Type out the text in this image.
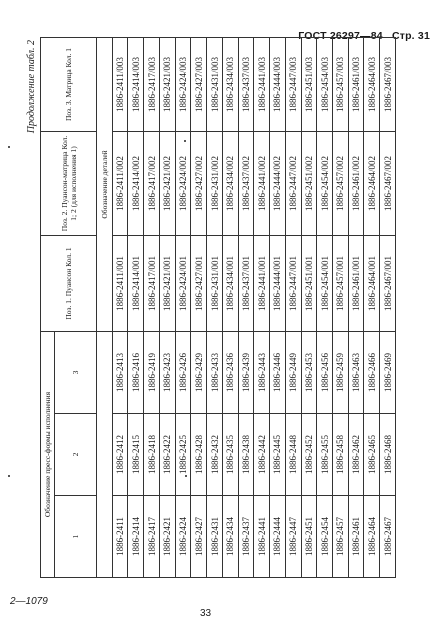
ГОСТ 26297—84 Стр. 31
Продолжение табл. 2
Обозначение пресс-формы исполнения			Поз. 1. Пуансон Кол. 1	Поз. 2. Пуансон-матрица Кол. 1; 2 (для исполнения 1)	Поз. 3. Матрица Кол. 1
1	2	3			
			Обозначение деталей		
1886-2411	1886-2412	1886-2413	1886-2411/001	1886-2411/002	1886-2411/003
1886-2414	1886-2415	1886-2416	1886-2414/001	1886-2414/002	1886-2414/003
1886-2417	1886-2418	1886-2419	1886-2417/001	1886-2417/002	1886-2417/003
1886-2421	1886-2422	1886-2423	1886-2421/001	1886-2421/002	1886-2421/003
1886-2424	1886-2425	1886-2426	1886-2424/001	1886-2424/002	1886-2424/003
1886-2427	1886-2428	1886-2429	1886-2427/001	1886-2427/002	1886-2427/003
1886-2431	1886-2432	1886-2433	1886-2431/001	1886-2431/002	1886-2431/003
1886-2434	1886-2435	1886-2436	1886-2434/001	1886-2434/002	1886-2434/003
1886-2437	1886-2438	1886-2439	1886-2437/001	1886-2437/002	1886-2437/003
1886-2441	1886-2442	1886-2443	1886-2441/001	1886-2441/002	1886-2441/003
1886-2444	1886-2445	1886-2446	1886-2444/001	1886-2444/002	1886-2444/003
1886-2447	1886-2448	1886-2449	1886-2447/001	1886-2447/002	1886-2447/003
1886-2451	1886-2452	1886-2453	1886-2451/001	1886-2451/002	1886-2451/003
1886-2454	1886-2455	1886-2456	1886-2454/001	1886-2454/002	1886-2454/003
1886-2457	1886-2458	1886-2459	1886-2457/001	1886-2457/002	1886-2457/003
1886-2461	1886-2462	1886-2463	1886-2461/001	1886-2461/002	1886-2461/003
1886-2464	1886-2465	1886-2466	1886-2464/001	1886-2464/002	1886-2464/003
1886-2467	1886-2468	1886-2469	1886-2467/001	1886-2467/002	1886-2467/003
2—1079
33
